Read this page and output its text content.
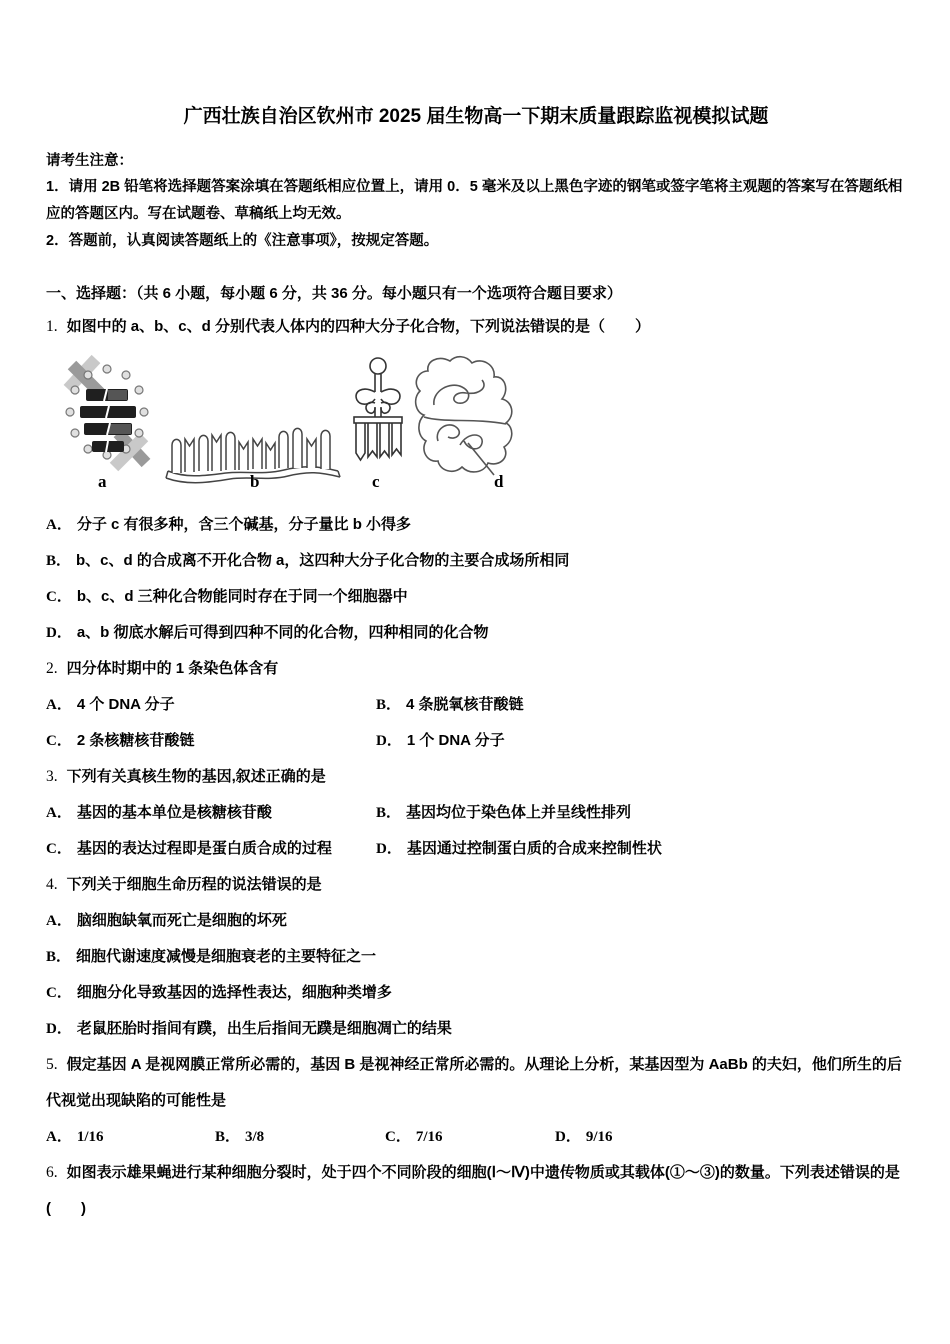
广西壮族自治区钦州市 2025 届生物高一下期末质量跟踪监视模拟试题
请考生注意：
1．请用 2B 铅笔将选择题答案涂填在答题纸相应位置上，请用 0．5 毫米及以上黑色字迹的钢笔或签字笔将主观题的答案写在答题纸相应的答题区内。写在试题卷、草稿纸上均无效。
2．答题前，认真阅读答题纸上的《注意事项》，按规定答题。
一、选择题：（共 6 小题，每小题 6 分，共 36 分。每小题只有一个选项符合题目要求）
1. 如图中的 a、b、c、d 分别代表人体内的四种大分子化合物，下列说法错误的是（　　）
a	b	c	d
A． 分子 c 有很多种，含三个碱基，分子量比 b 小得多
B． b、c、d 的合成离不开化合物 a，这四种大分子化合物的主要合成场所相同
C． b、c、d 三种化合物能同时存在于同一个细胞器中
D． a、b 彻底水解后可得到四种不同的化合物，四种相同的化合物
2. 四分体时期中的 1 条染色体含有
A． 4 个 DNA 分子	B． 4 条脱氧核苷酸链
C． 2 条核糖核苷酸链	D． 1 个 DNA 分子
3. 下列有关真核生物的基因,叙述正确的是
A． 基因的基本单位是核糖核苷酸	B． 基因均位于染色体上并呈线性排列
C． 基因的表达过程即是蛋白质合成的过程	D． 基因通过控制蛋白质的合成来控制性状
4. 下列关于细胞生命历程的说法错误的是
A． 脑细胞缺氧而死亡是细胞的坏死
B． 细胞代谢速度减慢是细胞衰老的主要特征之一
C． 细胞分化导致基因的选择性表达，细胞种类增多
D． 老鼠胚胎时指间有蹼，出生后指间无蹼是细胞凋亡的结果
5. 假定基因 A 是视网膜正常所必需的，基因 B 是视神经正常所必需的。从理论上分析，某基因型为 AaBb 的夫妇，他们所生的后代视觉出现缺陷的可能性是
A． 1/16	B． 3/8	C． 7/16	D． 9/16
6. 如图表示雄果蝇进行某种细胞分裂时，处于四个不同阶段的细胞(Ⅰ～Ⅳ)中遗传物质或其载体(①～③)的数量。下列表述错误的是(　　)
